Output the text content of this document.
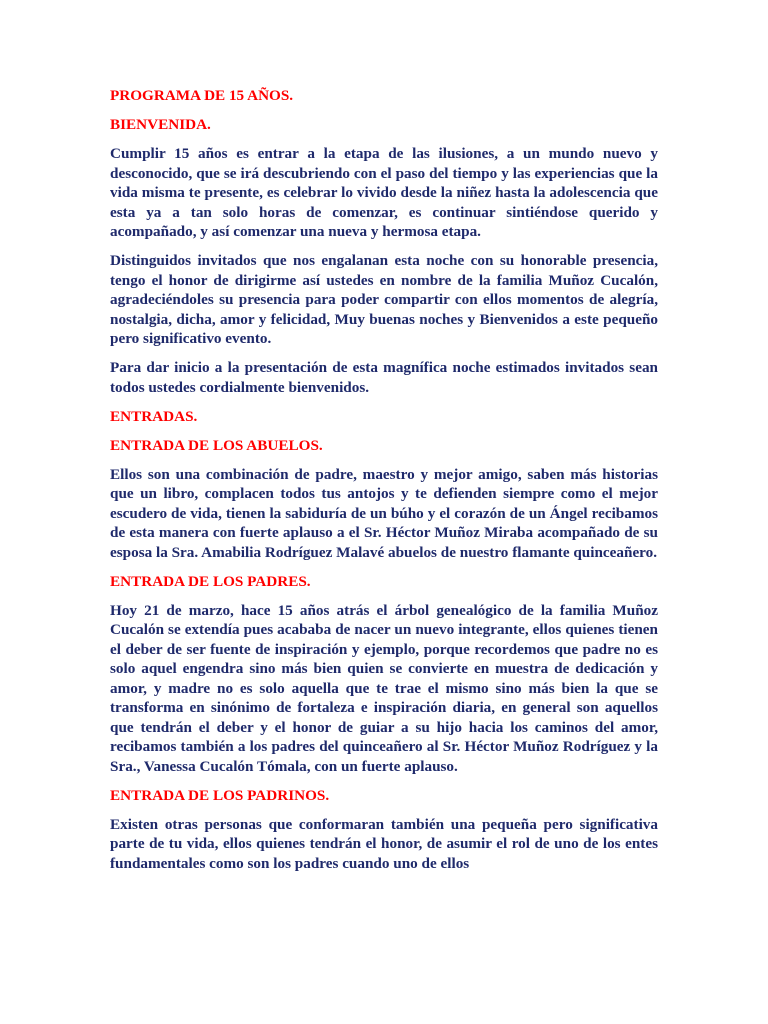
PROGRAMA DE 15 AÑOS.
BIENVENIDA.
Cumplir 15 años es entrar a la etapa de las ilusiones, a un mundo nuevo y desconocido, que se irá descubriendo con el paso del tiempo y las experiencias que la vida misma te presente, es celebrar lo vivido desde la niñez hasta la adolescencia que esta ya a tan solo horas de comenzar, es continuar sintiéndose querido y acompañado, y así comenzar una nueva y hermosa etapa.
Distinguidos invitados que nos engalanan esta noche con su honorable presencia, tengo el honor de dirigirme así ustedes en nombre de la familia Muñoz Cucalón, agradeciéndoles su presencia para poder compartir con ellos momentos de alegría, nostalgia, dicha, amor y felicidad, Muy buenas noches y Bienvenidos a este pequeño pero significativo evento.
Para dar inicio a la presentación de esta magnífica noche estimados invitados sean todos ustedes cordialmente bienvenidos.
ENTRADAS.
ENTRADA DE LOS ABUELOS.
Ellos son una combinación de padre, maestro y mejor amigo, saben más historias que un libro, complacen todos tus antojos y te defienden siempre como el mejor escudero de vida, tienen la sabiduría de un búho y el corazón de un Ángel recibamos de esta manera con fuerte aplauso a el Sr. Héctor Muñoz Miraba acompañado de su esposa la Sra. Amabilia Rodríguez Malavé abuelos de nuestro flamante quinceañero.
ENTRADA DE LOS PADRES.
Hoy 21 de marzo, hace 15 años atrás el árbol genealógico de la familia Muñoz Cucalón se extendía pues acababa de nacer un nuevo integrante, ellos quienes tienen el deber de ser fuente de inspiración y ejemplo, porque recordemos que padre no es solo aquel engendra sino más bien quien se convierte en muestra de dedicación y amor, y madre no es solo aquella que te trae el mismo sino más bien la que se transforma en sinónimo de fortaleza e inspiración diaria, en general son aquellos que tendrán el deber y el honor de guiar a su hijo hacia los caminos del amor, recibamos también a los padres del quinceañero al Sr. Héctor Muñoz Rodríguez y la Sra., Vanessa Cucalón Tómala, con un fuerte aplauso.
ENTRADA DE LOS PADRINOS.
Existen otras personas que conformaran también una pequeña pero significativa parte de tu vida, ellos quienes tendrán el honor, de asumir el rol de uno de los entes fundamentales como son los padres cuando uno de ellos
